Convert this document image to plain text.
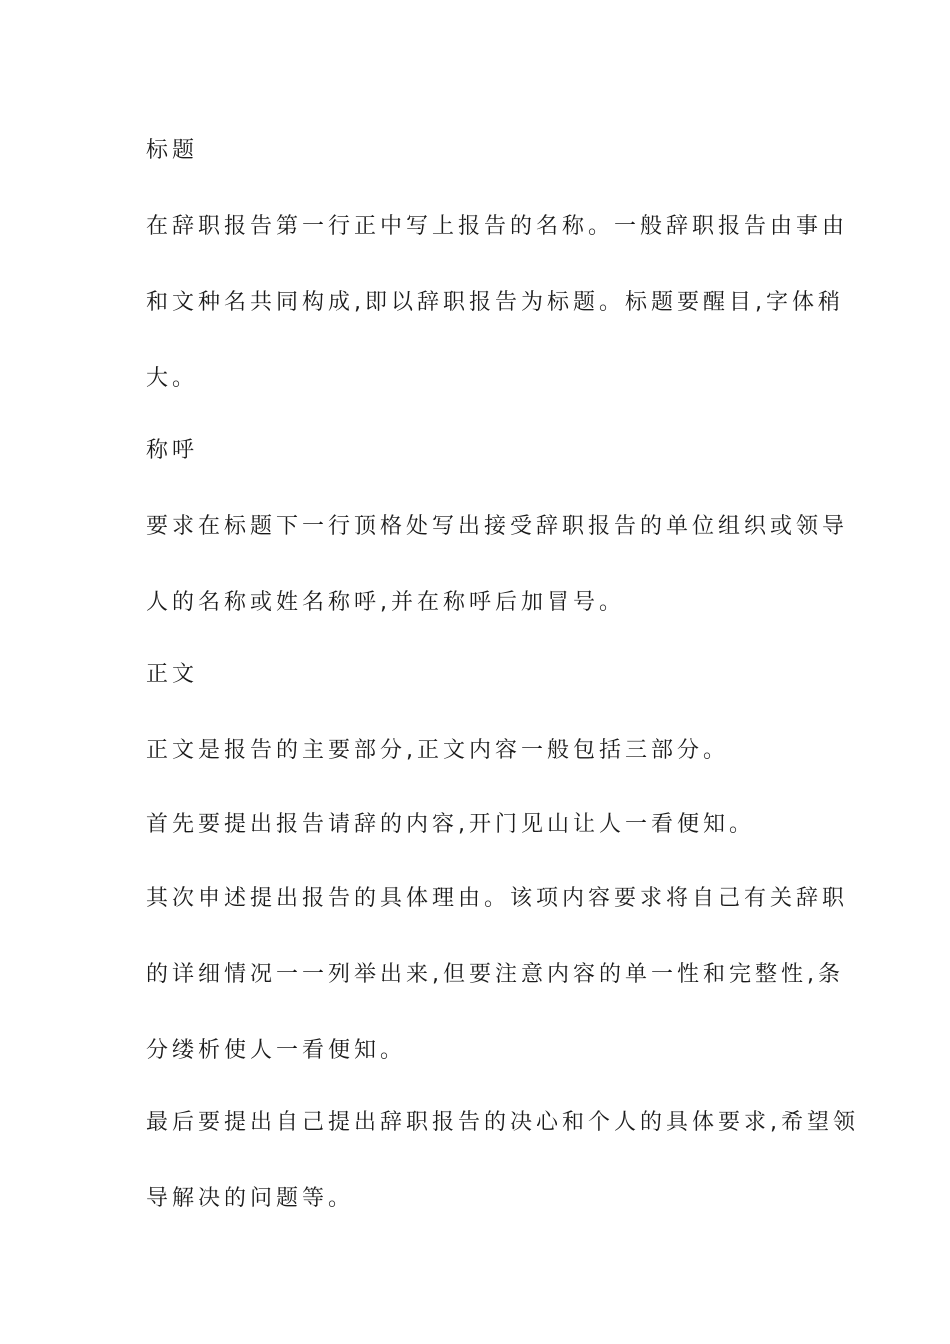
标题
在辞职报告第一行正中写上报告的名称。一般辞职报告由事由
和文种名共同构成,即以辞职报告为标题。标题要醒目,字体稍
大。
称呼
要求在标题下一行顶格处写出接受辞职报告的单位组织或领导
人的名称或姓名称呼,并在称呼后加冒号。
正文
正文是报告的主要部分,正文内容一般包括三部分。
首先要提出报告请辞的内容,开门见山让人一看便知。
其次申述提出报告的具体理由。该项内容要求将自己有关辞职
的详细情况一一列举出来,但要注意内容的单一性和完整性,条
分缕析使人一看便知。
最后要提出自己提出辞职报告的决心和个人的具体要求,希望领
导解决的问题等。
